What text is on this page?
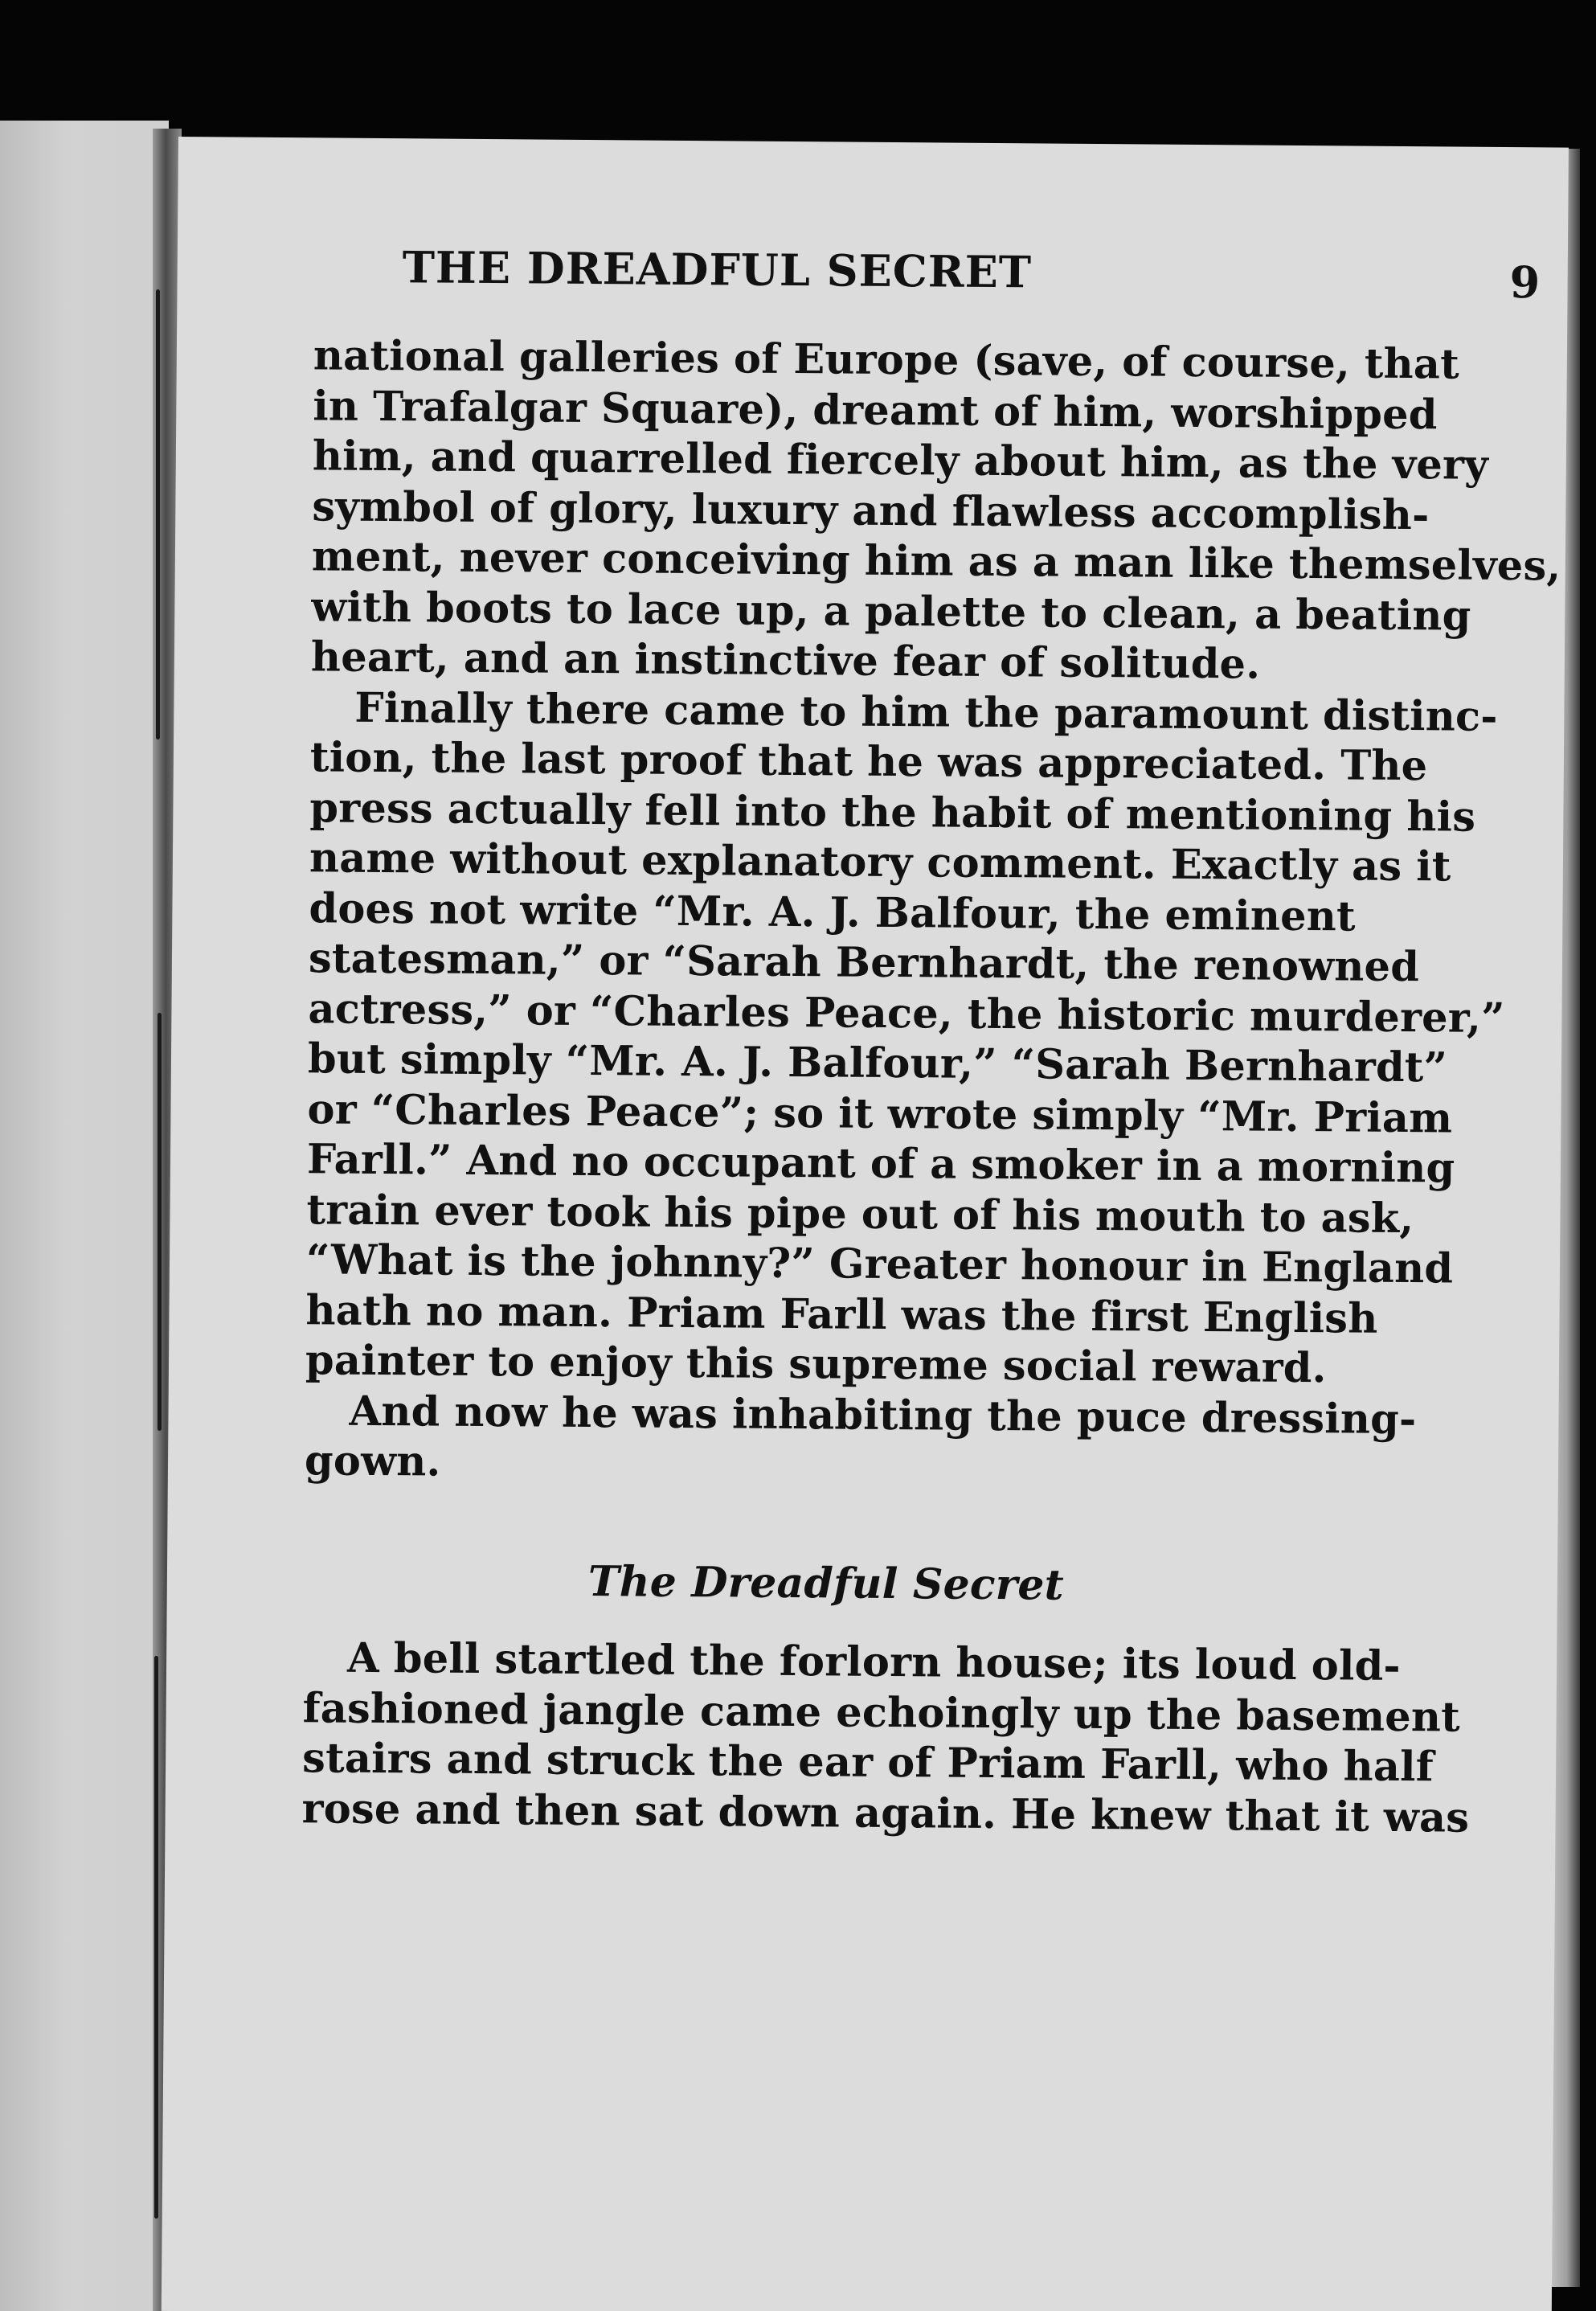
THE DREADFUL SECRET	9
national galleries of Europe (save, of course, that
in Trafalgar Square), dreamt of him, worshipped
him, and quarrelled fiercely about him, as the very
symbol of glory, luxury and flawless accomplish-
ment, never conceiving him as a man like themselves,
with boots to lace up, a palette to clean, a beating
heart, and an instinctive fear of solitude.
Finally there came to him the paramount distinc-
tion, the last proof that he was appreciated. The
press actually fell into the habit of mentioning his
name without explanatory comment. Exactly as it
does not write “Mr. A. J. Balfour, the eminent
statesman,” or “Sarah Bernhardt, the renowned
actress,” or “Charles Peace, the historic murderer,”
but simply “Mr. A. J. Balfour,” “Sarah Bernhardt”
or “Charles Peace”; so it wrote simply “Mr. Priam
Farll.” And no occupant of a smoker in a morning
train ever took his pipe out of his mouth to ask,
“What is the johnny?” Greater honour in England
hath no man. Priam Farll was the first English
painter to enjoy this supreme social reward.
And now he was inhabiting the puce dressing-
gown.
The Dreadful Secret
A bell startled the forlorn house; its loud old-
fashioned jangle came echoingly up the basement
stairs and struck the ear of Priam Farll, who half
rose and then sat down again. He knew that it was
